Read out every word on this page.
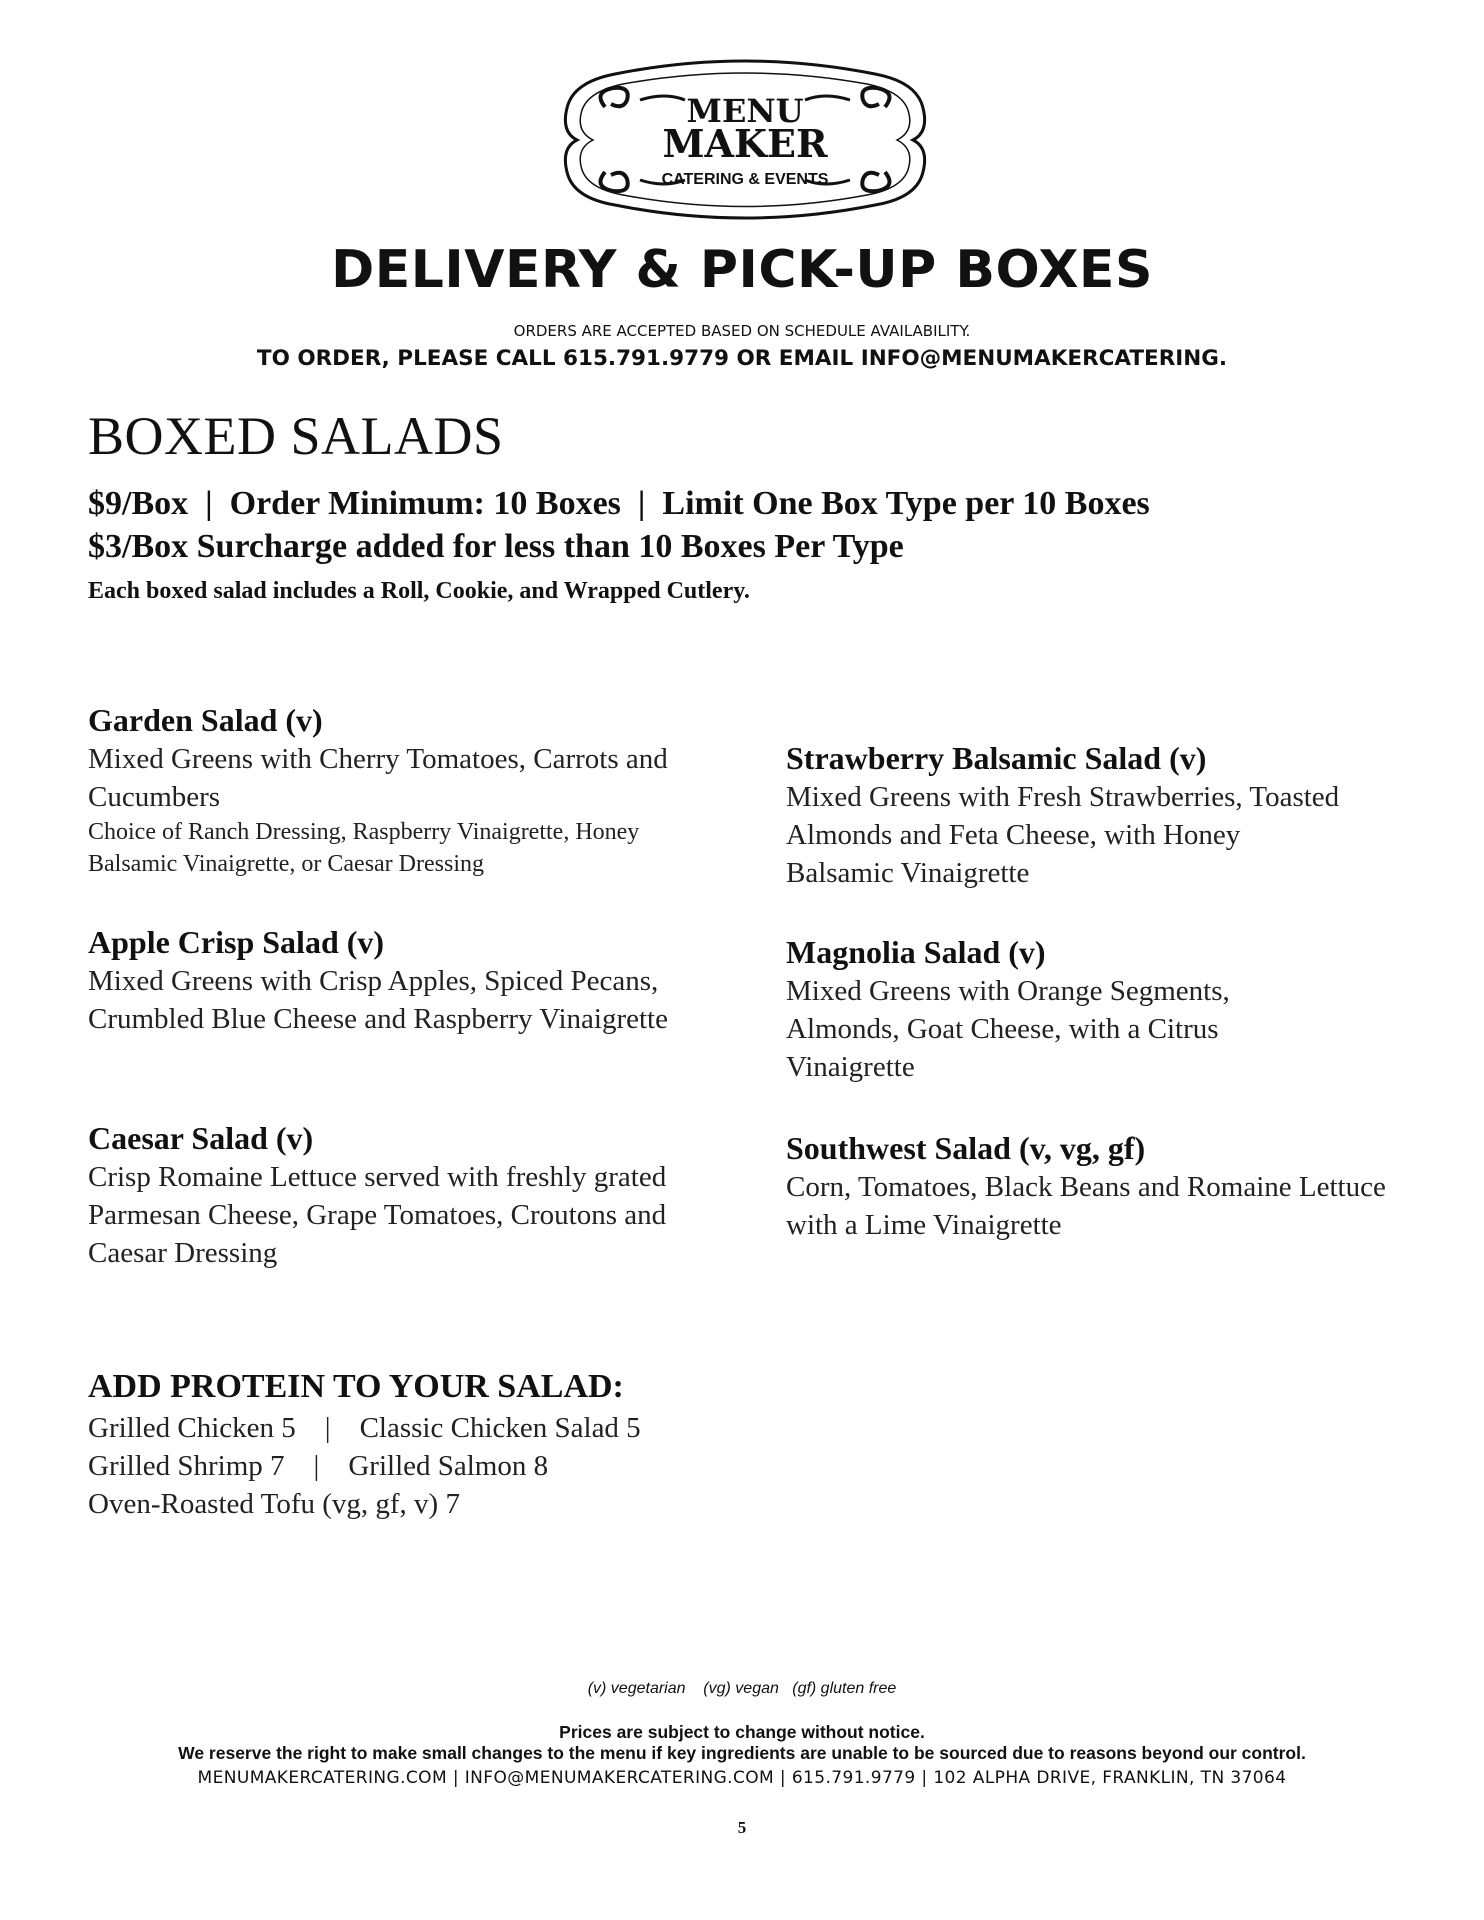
MENU
MAKER
CATERING & EVENTS
DELIVERY & PICK-UP BOXES
ORDERS ARE ACCEPTED BASED ON SCHEDULE AVAILABILITY.
TO ORDER, PLEASE CALL 615.791.9779 OR EMAIL INFO@MENUMAKERCATERING.
BOXED SALADS
$9/Box | Order Minimum: 10 Boxes | Limit One Box Type per 10 Boxes
$3/Box Surcharge added for less than 10 Boxes Per Type
Each boxed salad includes a Roll, Cookie, and Wrapped Cutlery.
Garden Salad (v)
Mixed Greens with Cherry Tomatoes, Carrots and Cucumbers
Choice of Ranch Dressing, Raspberry Vinaigrette, Honey Balsamic Vinaigrette, or Caesar Dressing
Apple Crisp Salad (v)
Mixed Greens with Crisp Apples, Spiced Pecans, Crumbled Blue Cheese and Raspberry Vinaigrette
Caesar Salad (v)
Crisp Romaine Lettuce served with freshly grated Parmesan Cheese, Grape Tomatoes, Croutons and Caesar Dressing
Strawberry Balsamic Salad (v)
Mixed Greens with Fresh Strawberries, Toasted Almonds and Feta Cheese, with Honey Balsamic Vinaigrette
Magnolia Salad (v)
Mixed Greens with Orange Segments, Almonds, Goat Cheese, with a Citrus Vinaigrette
Southwest Salad (v, vg, gf)
Corn, Tomatoes, Black Beans and Romaine Lettuce with a Lime Vinaigrette
ADD PROTEIN TO YOUR SALAD:
Grilled Chicken 5    |    Classic Chicken Salad 5
Grilled Shrimp 7    |    Grilled Salmon 8
Oven-Roasted Tofu (vg, gf, v) 7
(v) vegetarian    (vg) vegan   (gf) gluten free
Prices are subject to change without notice.
We reserve the right to make small changes to the menu if key ingredients are unable to be sourced due to reasons beyond our control.
MENUMAKERCATERING.COM | INFO@MENUMAKERCATERING.COM | 615.791.9779 | 102 ALPHA DRIVE, FRANKLIN, TN 37064
5
